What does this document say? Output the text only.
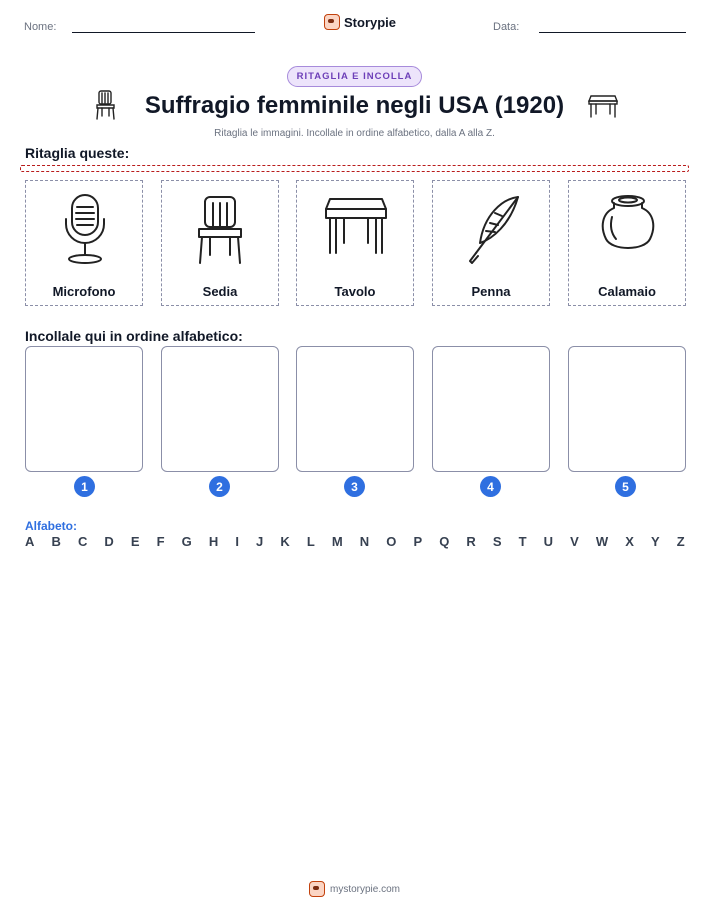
Nome:	Storypie	Data:
RITAGLIA E INCOLLA
Suffragio femminile negli USA (1920)
Ritaglia le immagini. Incollale in ordine alfabetico, dalla A alla Z.
Ritaglia queste:
Microfono	Sedia	Tavolo	Penna	Calamaio
Incollale qui in ordine alfabetico:
1	2	3	4	5
Alfabeto:
A B C D E F G H I J K L M N O P Q R S T U V W X Y Z
mystorypie.com
